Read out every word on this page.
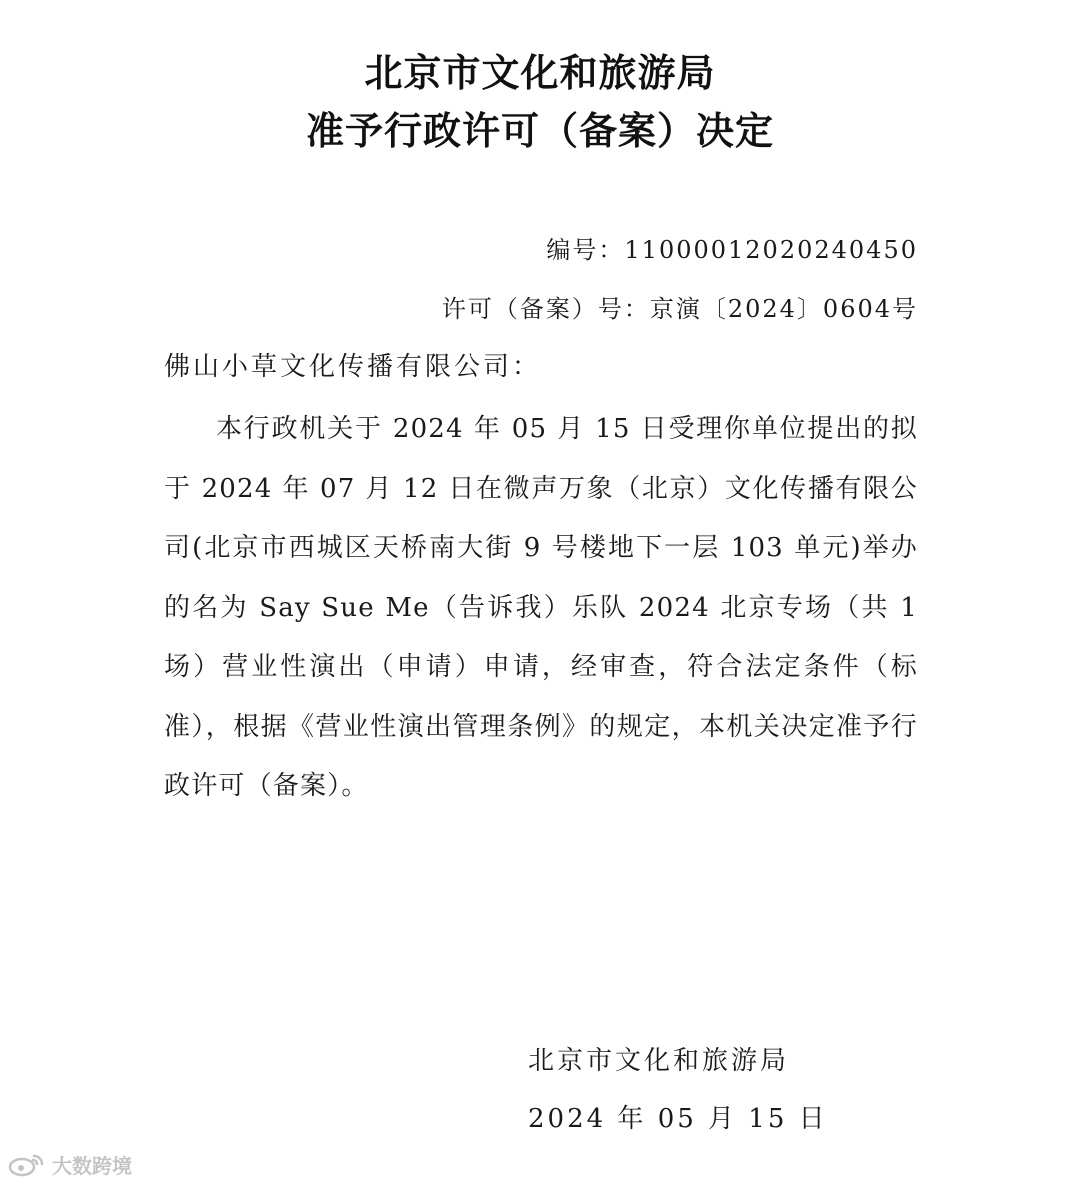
北京市文化和旅游局
准予行政许可（备案）决定
编号：11000012020240450
许可（备案）号：京演〔2024〕0604号
佛山小草文化传播有限公司：

本行政机关于 2024 年 05 月 15 日受理你单位提出的拟于 2024 年 07 月 12 日在微声万象（北京）文化传播有限公司(北京市西城区天桥南大街 9 号楼地下一层 103 单元)举办的名为 Say Sue Me（告诉我）乐队 2024 北京专场（共 1 场）营业性演出（申请）申请，经审查，符合法定条件（标准），根据《营业性演出管理条例》的规定，本机关决定准予行政许可（备案）。

北京市文化和旅游局
2024 年 05 月 15 日
大数跨境
